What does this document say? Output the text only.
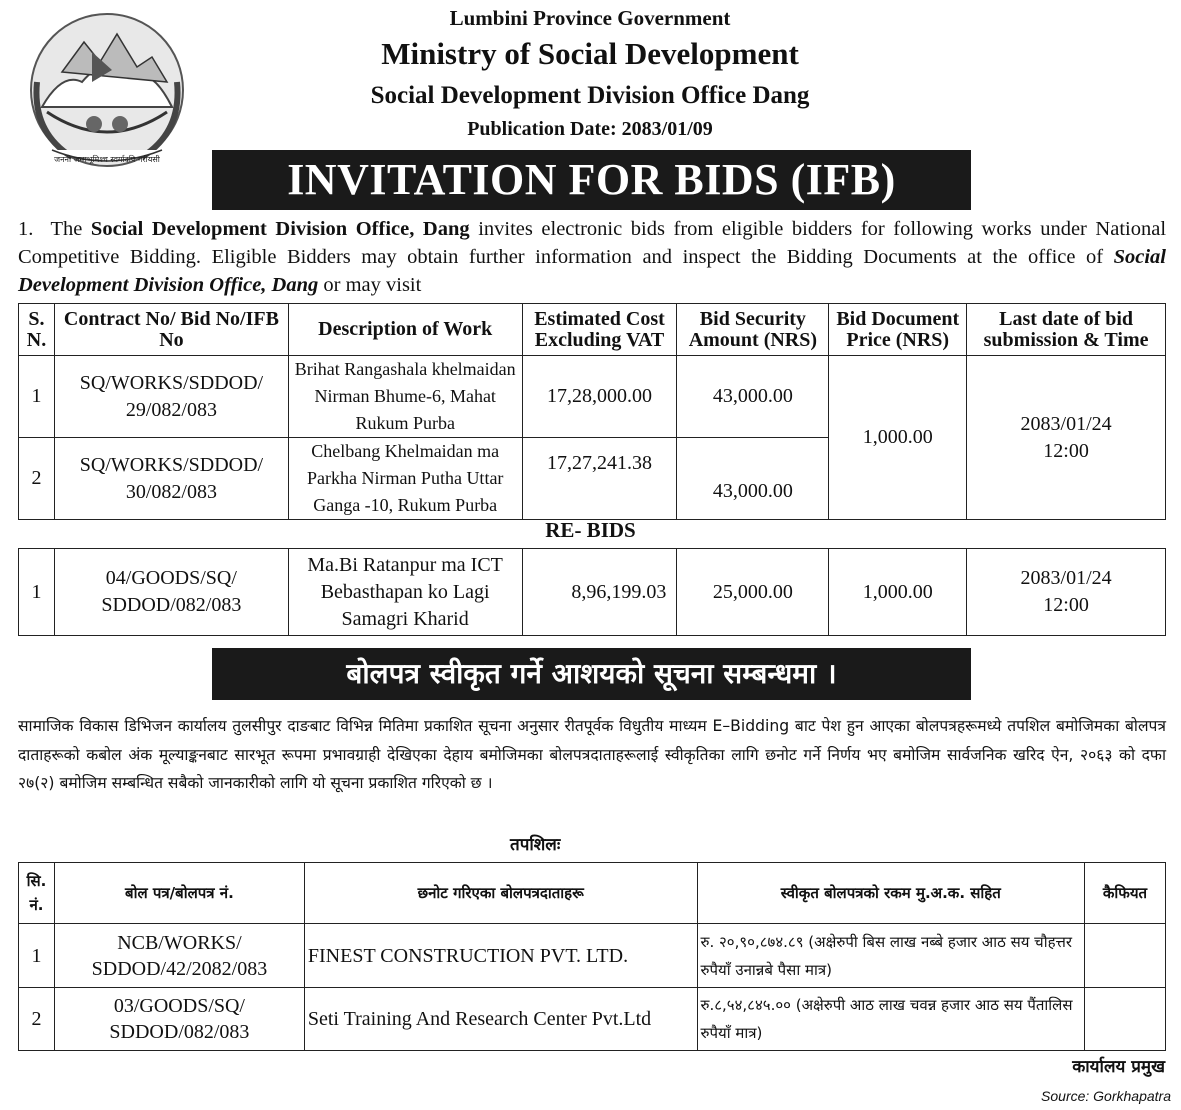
जननी जन्मभूमिश्च स्वर्गादपि गरीयसी
Lumbini Province Government
Ministry of Social Development
Social Development Division Office Dang
Publication Date: 2083/01/09
INVITATION FOR BIDS (IFB)
1. The Social Development Division Office, Dang invites electronic bids from eligible bidders for following works under National Competitive Bidding. Eligible Bidders may obtain further information and inspect the Bidding Documents at the office of Social Development Division Office, Dang or may visit
S. N.	Contract No/ Bid No/IFB No	Description of Work	Estimated Cost Excluding VAT	Bid Security Amount (NRS)	Bid Document Price (NRS)	Last date of bid submission & Time
1	SQ/WORKS/SDDOD/ 29/082/083	Brihat Rangashala khelmaidan Nirman Bhume-6, Mahat Rukum Purba	17,28,000.00	43,000.00	1,000.00	2083/01/24
12:00

2	SQ/WORKS/SDDOD/ 30/082/083	Chelbang Khelmaidan ma Parkha Nirman Putha Uttar Ganga -10, Rukum Purba	17,27,241.38	43,000.00		
RE- BIDS
1	04/GOODS/SQ/ SDDOD/082/083	Ma.Bi Ratanpur ma ICT Bebasthapan ko Lagi Samagri Kharid	8,96,199.03	25,000.00	1,000.00	
2083/01/24
12:00
बोलपत्र स्वीकृत गर्ने आशयको सूचना सम्बन्धमा ।
सामाजिक विकास डिभिजन कार्यालय तुलसीपुर दाङबाट विभिन्न मितिमा प्रकाशित सूचना अनुसार रीतपूर्वक विधुतीय माध्यम E–Bidding बाट पेश हुन आएका बोलपत्रहरूमध्ये तपशिल बमोजिमका बोलपत्र दाताहरूको कबोल अंक मूल्याङ्कनबाट सारभूत रूपमा प्रभावग्राही देखिएका देहाय बमोजिमका बोलपत्रदाताहरूलाई स्वीकृतिका लागि छनोट गर्ने निर्णय भए बमोजिम सार्वजनिक खरिद ऐन, २०६३ को दफा २७(२) बमोजिम सम्बन्धित सबैको जानकारीको लागि यो सूचना प्रकाशित गरिएको छ ।
तपशिलः
सि. नं.	बोल पत्र/बोलपत्र नं.	छनोट गरिएका बोलपत्रदाताहरू	स्वीकृत बोलपत्रको रकम मु.अ.क. सहित	कैफियत
1	NCB/WORKS/ SDDOD/42/2082/083	FINEST CONSTRUCTION PVT. LTD.	रु. २०,९०,८७४.८९ (अक्षेरुपी बिस लाख नब्बे हजार आठ सय चौहत्तर रुपैयाँ उनान्नबे पैसा मात्र)	
2	03/GOODS/SQ/ SDDOD/082/083	Seti Training And Research Center Pvt.Ltd	रु.८,५४,८४५.०० (अक्षेरुपी आठ लाख चवन्न हजार आठ सय पैंतालिस रुपैयाँ मात्र)	
कार्यालय प्रमुख
Source: Gorkhapatra
